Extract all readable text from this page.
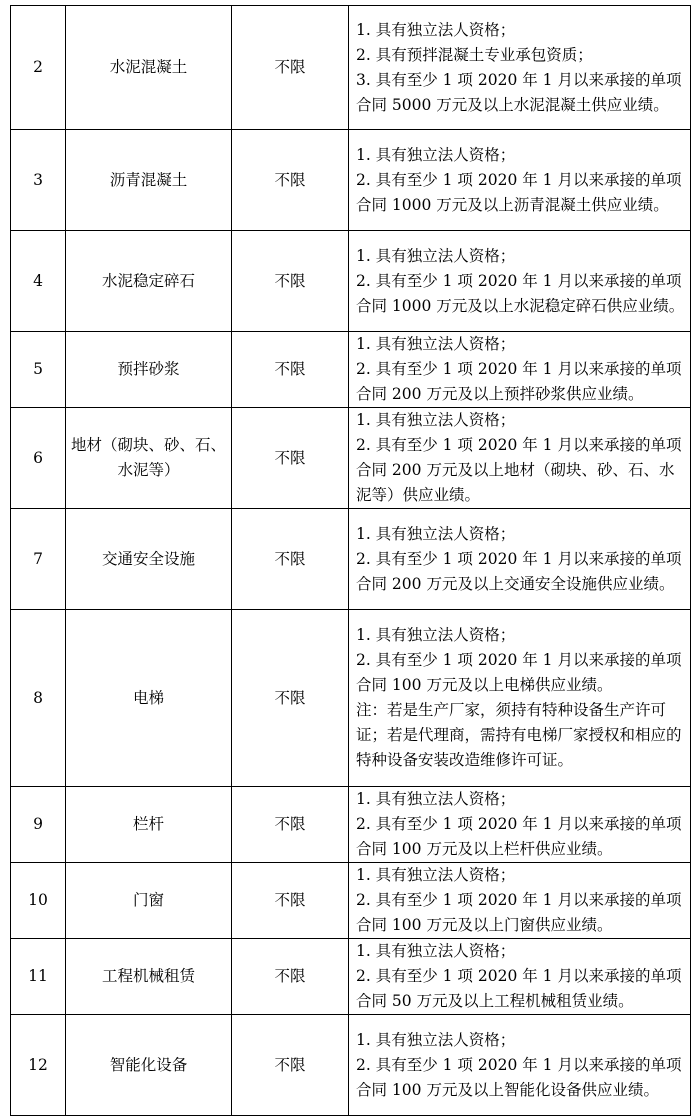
2	水泥混凝土	不限	1. 具有独立法人资格；
2. 具有预拌混凝土专业承包资质；
3. 具有至少 1 项 2020 年 1 月以来承接的单项合同 5000 万元及以上水泥混凝土供应业绩。

3	沥青混凝土	不限	1. 具有独立法人资格；
2. 具有至少 1 项 2020 年 1 月以来承接的单项合同 1000 万元及以上沥青混凝土供应业绩。

4	水泥稳定碎石	不限	1. 具有独立法人资格；
2. 具有至少 1 项 2020 年 1 月以来承接的单项合同 1000 万元及以上水泥稳定碎石供应业绩。

5	预拌砂浆	不限	1. 具有独立法人资格；
2. 具有至少 1 项 2020 年 1 月以来承接的单项合同 200 万元及以上预拌砂浆供应业绩。

6	地材（砌块、砂、石、水泥等）	不限	1. 具有独立法人资格；
2. 具有至少 1 项 2020 年 1 月以来承接的单项合同 200 万元及以上地材（砌块、砂、石、水泥等）供应业绩。

7	交通安全设施	不限	1. 具有独立法人资格；
2. 具有至少 1 项 2020 年 1 月以来承接的单项合同 200 万元及以上交通安全设施供应业绩。

8	电梯	不限	1. 具有独立法人资格；
2. 具有至少 1 项 2020 年 1 月以来承接的单项合同 100 万元及以上电梯供应业绩。
注：若是生产厂家，须持有特种设备生产许可证；若是代理商，需持有电梯厂家授权和相应的特种设备安装改造维修许可证。

9	栏杆	不限	1. 具有独立法人资格；
2. 具有至少 1 项 2020 年 1 月以来承接的单项合同 100 万元及以上栏杆供应业绩。

10	门窗	不限	1. 具有独立法人资格；
2. 具有至少 1 项 2020 年 1 月以来承接的单项合同 100 万元及以上门窗供应业绩。

11	工程机械租赁	不限	1. 具有独立法人资格；
2. 具有至少 1 项 2020 年 1 月以来承接的单项合同 50 万元及以上工程机械租赁业绩。

12	智能化设备	不限	1. 具有独立法人资格；
2. 具有至少 1 项 2020 年 1 月以来承接的单项合同 100 万元及以上智能化设备供应业绩。
